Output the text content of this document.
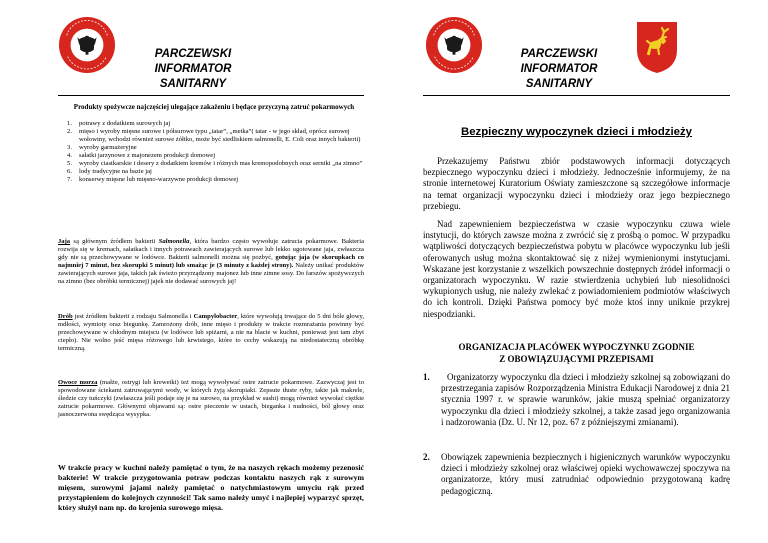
PARCZEWSKI INFORMATOR
SANITARNY
Produkty spożywcze najczęściej ulegające zakażeniu i będące przyczyną zatruć pokarmowych
1. potrawy z dodatkiem surowych jaj
2. mięso i wyroby mięsne surowe i półsurowe typu „tatar”, „metka”( tatar - w jego skład, oprócz surowej wołowiny, wchodzi również surowe żółtko, może być siedliskiem salmonelli, E. Coli oraz innych bakterii)
3. wyroby garmażeryjne
4. sałatki jarzynowe z majonezem produkcji domowej
5. wyroby ciastkarskie i desery z dodatkiem kremów i różnych mas kremopodobnych oraz serniki „na zimno”
6. lody tradycyjne na bazie jaj
7. konserwy mięsne lub mięsno-warzywne produkcji domowej
Jaja są głównym źródłem bakterii Salmonella, która bardzo często wywołuje zatrucia pokarmowe. Bakteria rozwija się w kremach, sałatkach i innych potrawach zawierających surowe lub lekko ugotowane jaja, zwłaszcza gdy nie są przechowywane w lodówce. Bakterii salmonelli można się pozbyć, gotując jaja (w skorupkach co najmniej 7 minut, bez skorupki 5 minut) lub smażąc je (3 minuty z każdej strony). Należy unikać produktów zawierających surowe jaja, takich jak świeżo przyrządzony majonez lub inne zimne sosy. Do farszów spożywczych na zimno (bez obróbki termicznej) jajek nie dodawać surowych jaj!
Drób jest źródłem bakterii z rodzaju Salmonella i Campylobacter, które wywołują trwające do 5 dni bóle głowy, mdłości, wymioty oraz biegunkę. Zamrożony drób, inne mięso i produkty w trakcie rozmrażania powinny być przechowywane w chłodnym miejscu (w lodówce lub spiżarni, a nie na blacie w kuchni, ponieważ jest tam zbyt ciepło). Nie wolno jeść mięsa różowego lub krwistego, które to cechy wskazują na niedostateczną obróbkę termiczną.
Owoce morza (małże, ostrygi lub krewetki) też mogą wywoływać ostre zatrucie pokarmowe. Zazwyczaj jest to spowodowane ściekami zatruwającymi wody, w których żyją skorupiaki. Zepsute tłuste ryby, takie jak makrele, śledzie czy tuńczyki (zwłaszcza jeśli podaje się je na surowo, na przykład w sushi) mogą również wywołać ciężkie zatrucie pokarmowe. Głównymi objawami są: ostre pieczenie w ustach, bieganka i nudności, ból głowy oraz jasnoczerwona swędząca wysypka.
W trakcie pracy w kuchni należy pamiętać o tym, że na naszych rękach możemy przenosić bakterie! W trakcie przygotowania potraw podczas kontaktu naszych rąk z surowym mięsem, surowymi jajami należy pamiętać o natychmiastowym umyciu rąk przed przystąpieniem do kolejnych czynności! Tak samo należy umyć i najlepiej wyparzyć sprzęt, który służył nam np. do krojenia surowego mięsa.
PARCZEWSKI INFORMATOR
SANITARNY
Bezpieczny wypoczynek dzieci i młodzieży
Przekazujemy Państwu zbiór podstawowych informacji dotyczących bezpiecznego wypoczynku dzieci i młodzieży. Jednocześnie informujemy, że na stronie internetowej Kuratorium Oświaty zamieszczone są szczegółowe informacje na temat organizacji wypoczynku dzieci i młodzieży oraz jego bezpiecznego przebiegu.
Nad zapewnieniem bezpieczeństwa w czasie wypoczynku czuwa wiele instytucji, do których zawsze można z zwrócić się z prośbą o pomoc. W przypadku wątpliwości dotyczących bezpieczeństwa pobytu w placówce wypoczynku lub jeśli oferowanych usług można skontaktować się z niżej wymienionymi instytucjami. Wskazane jest korzystanie z wszelkich powszechnie dostępnych źródeł informacji o organizatorach wypoczynku. W razie stwierdzenia uchybień lub niesolidności wykupionych usług, nie należy zwlekać z powiadomieniem podmiotów właściwych do ich kontroli. Dzięki Państwa pomocy być może ktoś inny uniknie przykrej niespodzianki.
ORGANIZACJA PLACÓWEK WYPOCZYNKU ZGODNIE
Z OBOWIĄZUJĄCYMI PRZEPISAMI
1.	Organizatorzy wypoczynku dla dzieci i młodzieży szkolnej są zobowiązani do przestrzegania zapisów Rozporządzenia Ministra Edukacji Narodowej z dnia 21 stycznia 1997 r. w sprawie warunków, jakie muszą spełniać organizatorzy wypoczynku dla dzieci i młodzieży szkolnej, a także zasad jego organizowania i nadzorowania (Dz. U. Nr 12, poz. 67 z późniejszymi zmianami).
2. Obowiązek zapewnienia bezpiecznych i higienicznych warunków wypoczynku dzieci i młodzieży szkolnej oraz właściwej opieki wychowawczej spoczywa na organizatorze, który musi zatrudniać odpowiednio przygotowaną kadrę pedagogiczną.
